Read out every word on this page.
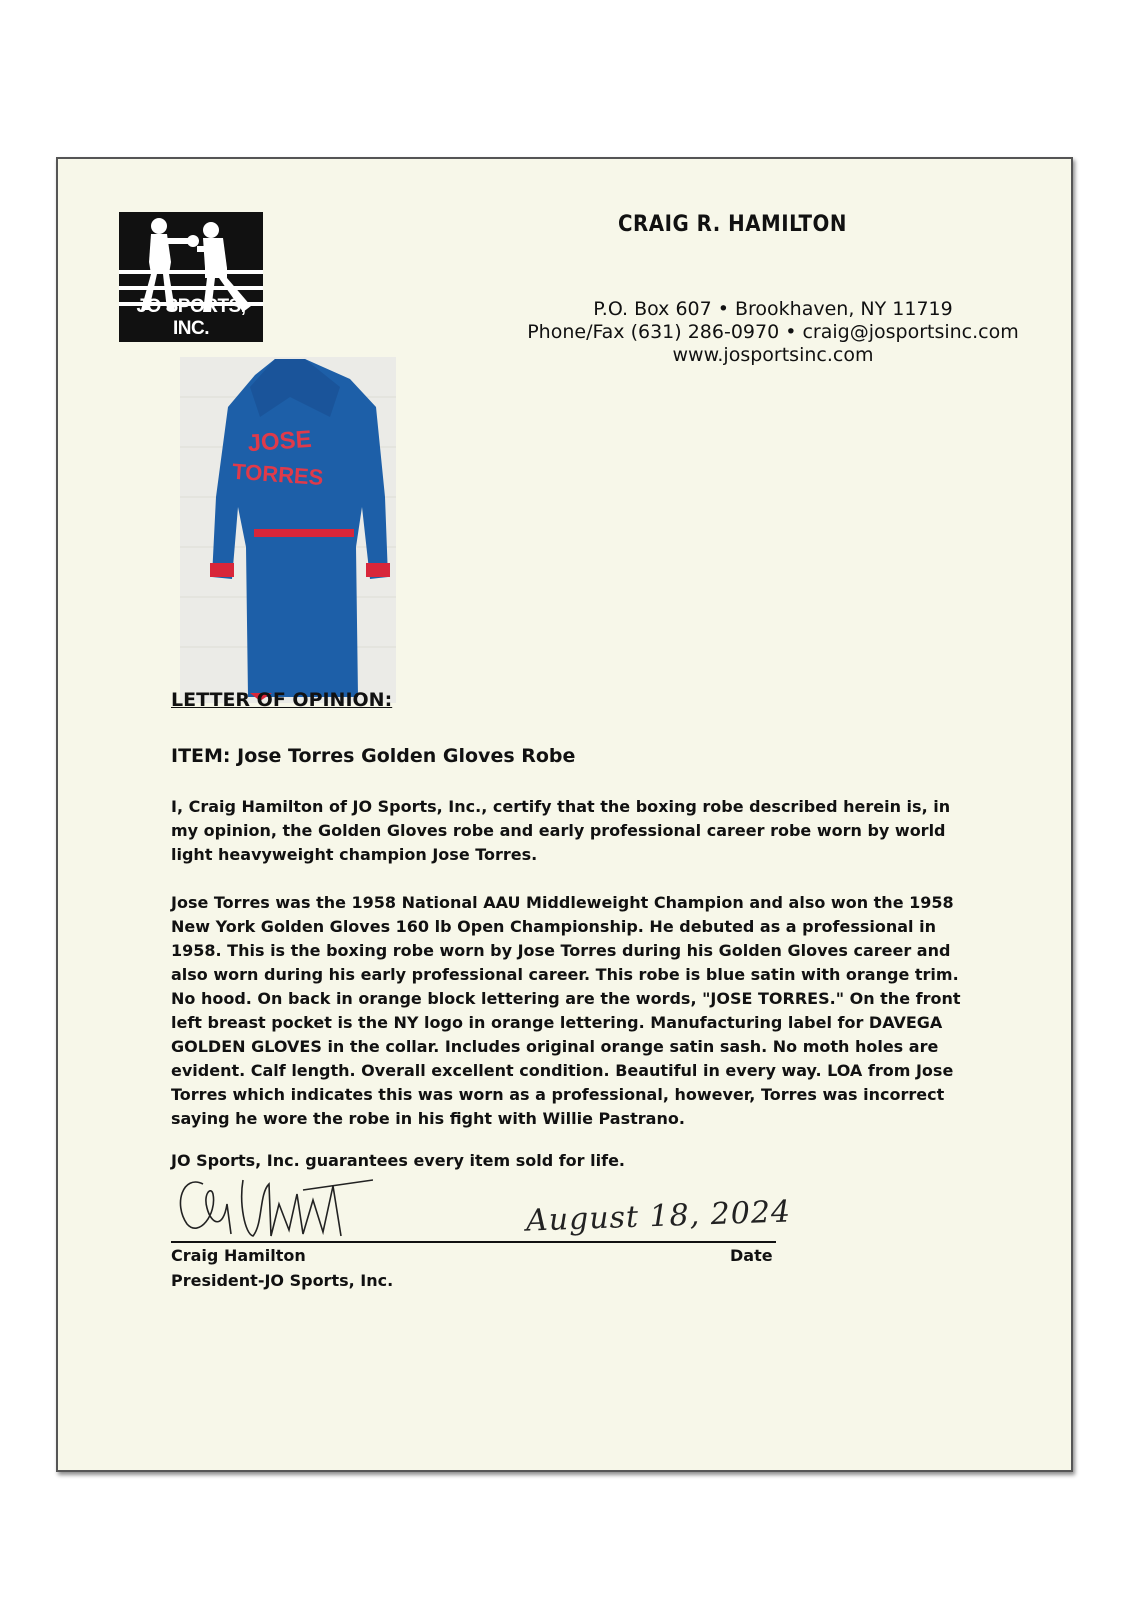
JO SPORTS, INC.
JOSE
TORRES
CRAIG R. HAMILTON
P.O. Box 607 • Brookhaven, NY 11719
Phone/Fax (631) 286-0970 • craig@josportsinc.com
www.josportsinc.com
LETTER OF OPINION:
ITEM: Jose Torres Golden Gloves Robe
I, Craig Hamilton of JO Sports, Inc., certify that the boxing robe described herein is, in my opinion, the Golden Gloves robe and early professional career robe worn by world light heavyweight champion Jose Torres.
Jose Torres was the 1958 National AAU Middleweight Champion and also won the 1958 New York Golden Gloves 160 lb Open Championship. He debuted as a professional in 1958. This is the boxing robe worn by Jose Torres during his Golden Gloves career and also worn during his early professional career. This robe is blue satin with orange trim. No hood. On back in orange block lettering are the words, "JOSE TORRES." On the front left breast pocket is the NY logo in orange lettering. Manufacturing label for DAVEGA GOLDEN GLOVES in the collar. Includes original orange satin sash. No moth holes are evident. Calf length. Overall excellent condition. Beautiful in every way. LOA from Jose Torres which indicates this was worn as a professional, however, Torres was incorrect saying he wore the robe in his fight with Willie Pastrano.
JO Sports, Inc. guarantees every item sold for life.
August 18, 2024
Craig Hamilton
President-JO Sports, Inc.
Date
